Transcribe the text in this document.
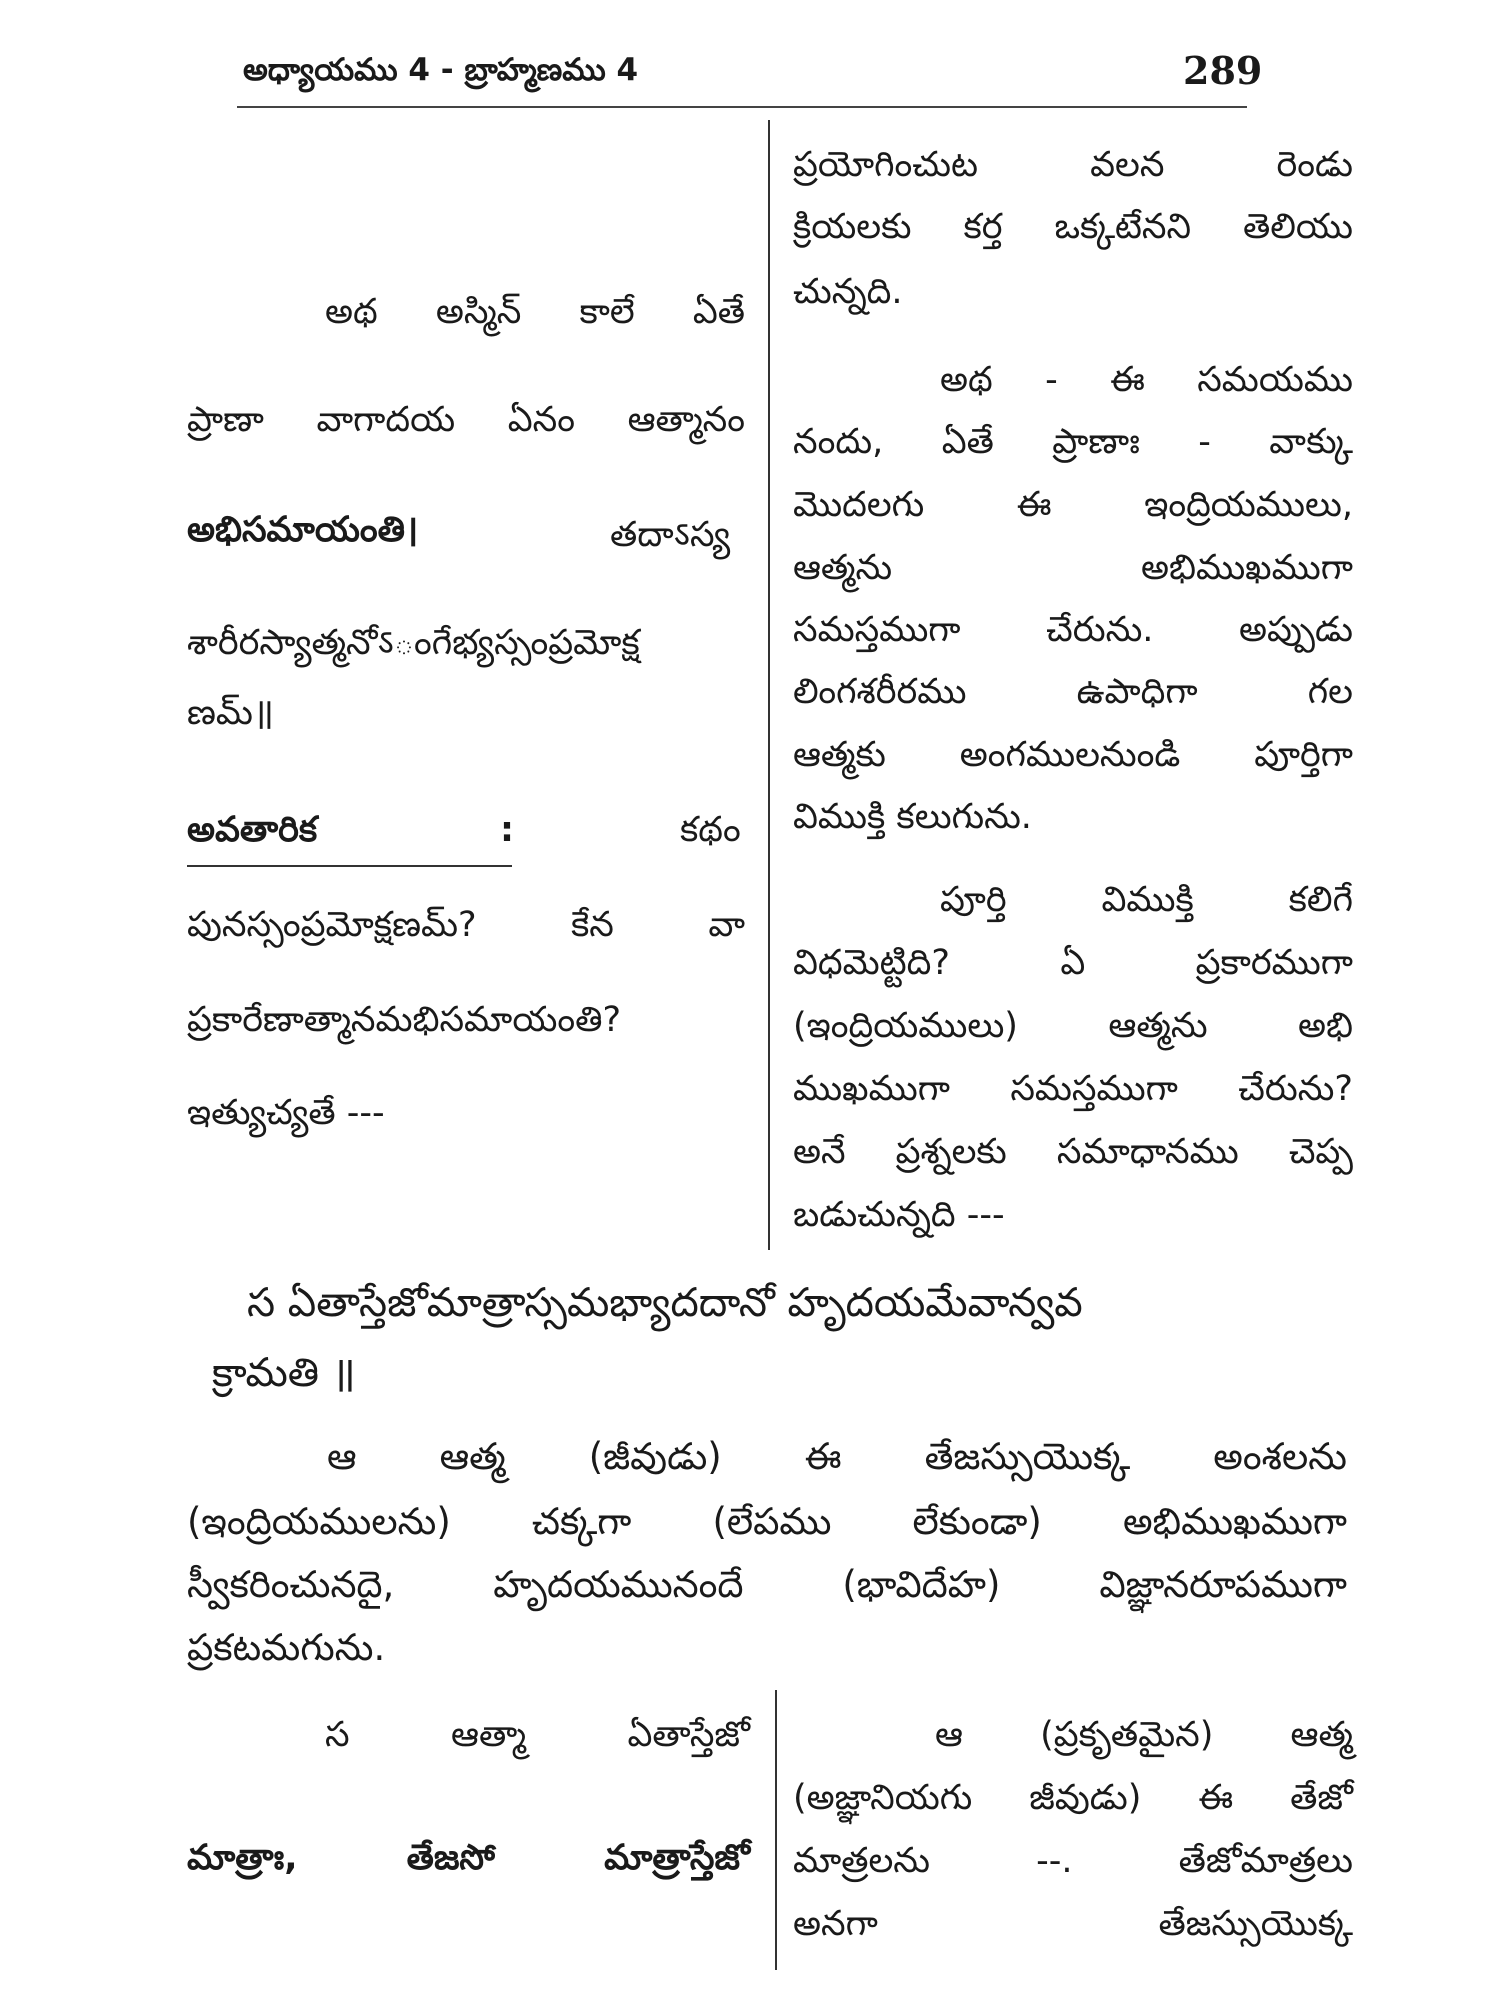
అధ్యాయము 4 - బ్రాహ్మణము 4	289
అథ అస్మిన్ కాలే ఏతే
ప్రాణా వాగాదయ ఏనం ఆత్మానం
అభిసమాయంతి।	తదాऽస్య
శారీరస్యాత్మనోऽంగేభ్యస్సంప్రమోక్ష
ణమ్॥
అవతారిక	:	కథం
పునస్సంప్రమోక్షణమ్? కేన వా
ప్రకారేణాత్మానమభిసమాయంతి?
ఇత్యుచ్యతే ---
ప్రయోగించుట వలన రెండు
క్రియలకు కర్త ఒక్కటేనని తెలియు
చున్నది.
అథ - ఈ సమయము
నందు, ఏతే ప్రాణాః - వాక్కు
మొదలగు ఈ ఇంద్రియములు,
ఆత్మను అభిముఖముగా
సమస్తముగా చేరును. అప్పుడు
లింగశరీరము ఉపాధిగా గల
ఆత్మకు అంగములనుండి పూర్తిగా
విముక్తి కలుగును.
పూర్తి విముక్తి కలిగే
విధమెట్టిది? ఏ ప్రకారముగా
(ఇంద్రియములు) ఆత్మను అభి
ముఖముగా సమస్తముగా చేరును?
అనే ప్రశ్నలకు సమాధానము చెప్ప
బడుచున్నది ---
స ఏతాస్తేజోమాత్రాస్సమభ్యాదదానో హృదయమేవాన్వవ
క్రామతి ॥
ఆ ఆత్మ (జీవుడు) ఈ తేజస్సుయొక్క అంశలను
(ఇంద్రియములను) చక్కగా (లేపము లేకుండా) అభిముఖముగా
స్వీకరించునదై, హృదయమునందే (భావిదేహ) విజ్ఞానరూపముగా
ప్రకటమగును.
స ఆత్మా ఏతాస్తేజో
మాత్రాః, తేజసో మాత్రాస్తేజో
ఆ (ప్రకృతమైన) ఆత్మ
(అజ్ఞానియగు జీవుడు) ఈ తేజో
మాత్రలను --. తేజోమాత్రలు
అనగా తేజస్సుయొక్క
